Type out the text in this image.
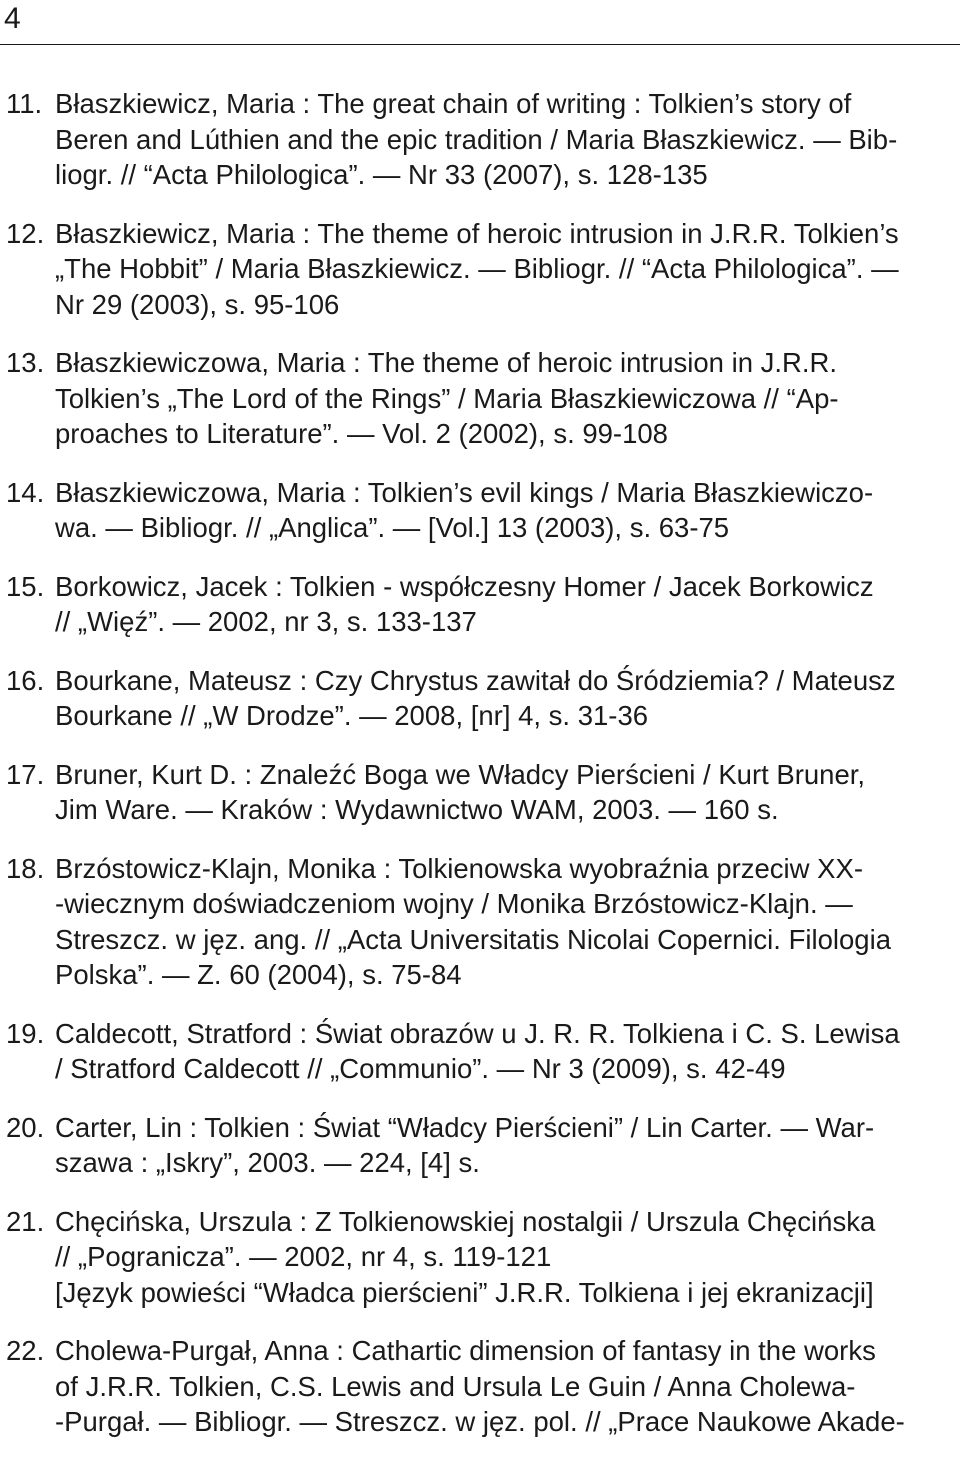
4
11. Błaszkiewicz, Maria : The great chain of writing : Tolkien’s story of
Beren and Lúthien and the epic tradition / Maria Błaszkiewicz. — Bib-
liogr. // “Acta Philologica”. — Nr 33 (2007), s. 128-135
12. Błaszkiewicz, Maria : The theme of heroic intrusion in J.R.R. Tolkien’s
„The Hobbit” / Maria Błaszkiewicz. — Bibliogr. // “Acta Philologica”. —
Nr 29 (2003), s. 95-106
13. Błaszkiewiczowa, Maria : The theme of heroic intrusion in J.R.R.
Tolkien’s „The Lord of the Rings” / Maria Błaszkiewiczowa // “Ap-
proaches to Literature”. — Vol. 2 (2002), s. 99-108
14. Błaszkiewiczowa, Maria : Tolkien’s evil kings / Maria Błaszkiewiczo-
wa. — Bibliogr. // „Anglica”. — [Vol.] 13 (2003), s. 63-75
15. Borkowicz, Jacek : Tolkien - współczesny Homer / Jacek Borkowicz
// „Więź”. — 2002, nr 3, s. 133-137
16. Bourkane, Mateusz : Czy Chrystus zawitał do Śródziemia? / Mateusz
Bourkane // „W Drodze”. — 2008, [nr] 4, s. 31-36
17. Bruner, Kurt D. : Znaleźć Boga we Władcy Pierścieni / Kurt Bruner,
Jim Ware. — Kraków : Wydawnictwo WAM, 2003. — 160 s.
18. Brzóstowicz-Klajn, Monika : Tolkienowska wyobraźnia przeciw XX-
-wiecznym doświadczeniom wojny / Monika Brzóstowicz-Klajn. —
Streszcz. w jęz. ang. // „Acta Universitatis Nicolai Copernici. Filologia
Polska”. — Z. 60 (2004), s. 75-84
19. Caldecott, Stratford : Świat obrazów u J. R. R. Tolkiena i C. S. Lewisa
/ Stratford Caldecott // „Communio”. — Nr 3 (2009), s. 42-49
20. Carter, Lin : Tolkien : Świat “Władcy Pierścieni” / Lin Carter. — War-
szawa : „Iskry”, 2003. — 224, [4] s.
21. Chęcińska, Urszula : Z Tolkienowskiej nostalgii / Urszula Chęcińska
// „Pogranicza”. — 2002, nr 4, s. 119-121
[Język powieści “Władca pierścieni” J.R.R. Tolkiena i jej ekranizacji]
22. Cholewa-Purgał, Anna : Cathartic dimension of fantasy in the works
of J.R.R. Tolkien, C.S. Lewis and Ursula Le Guin / Anna Cholewa-
-Purgał. — Bibliogr. — Streszcz. w jęz. pol. // „Prace Naukowe Akade-
